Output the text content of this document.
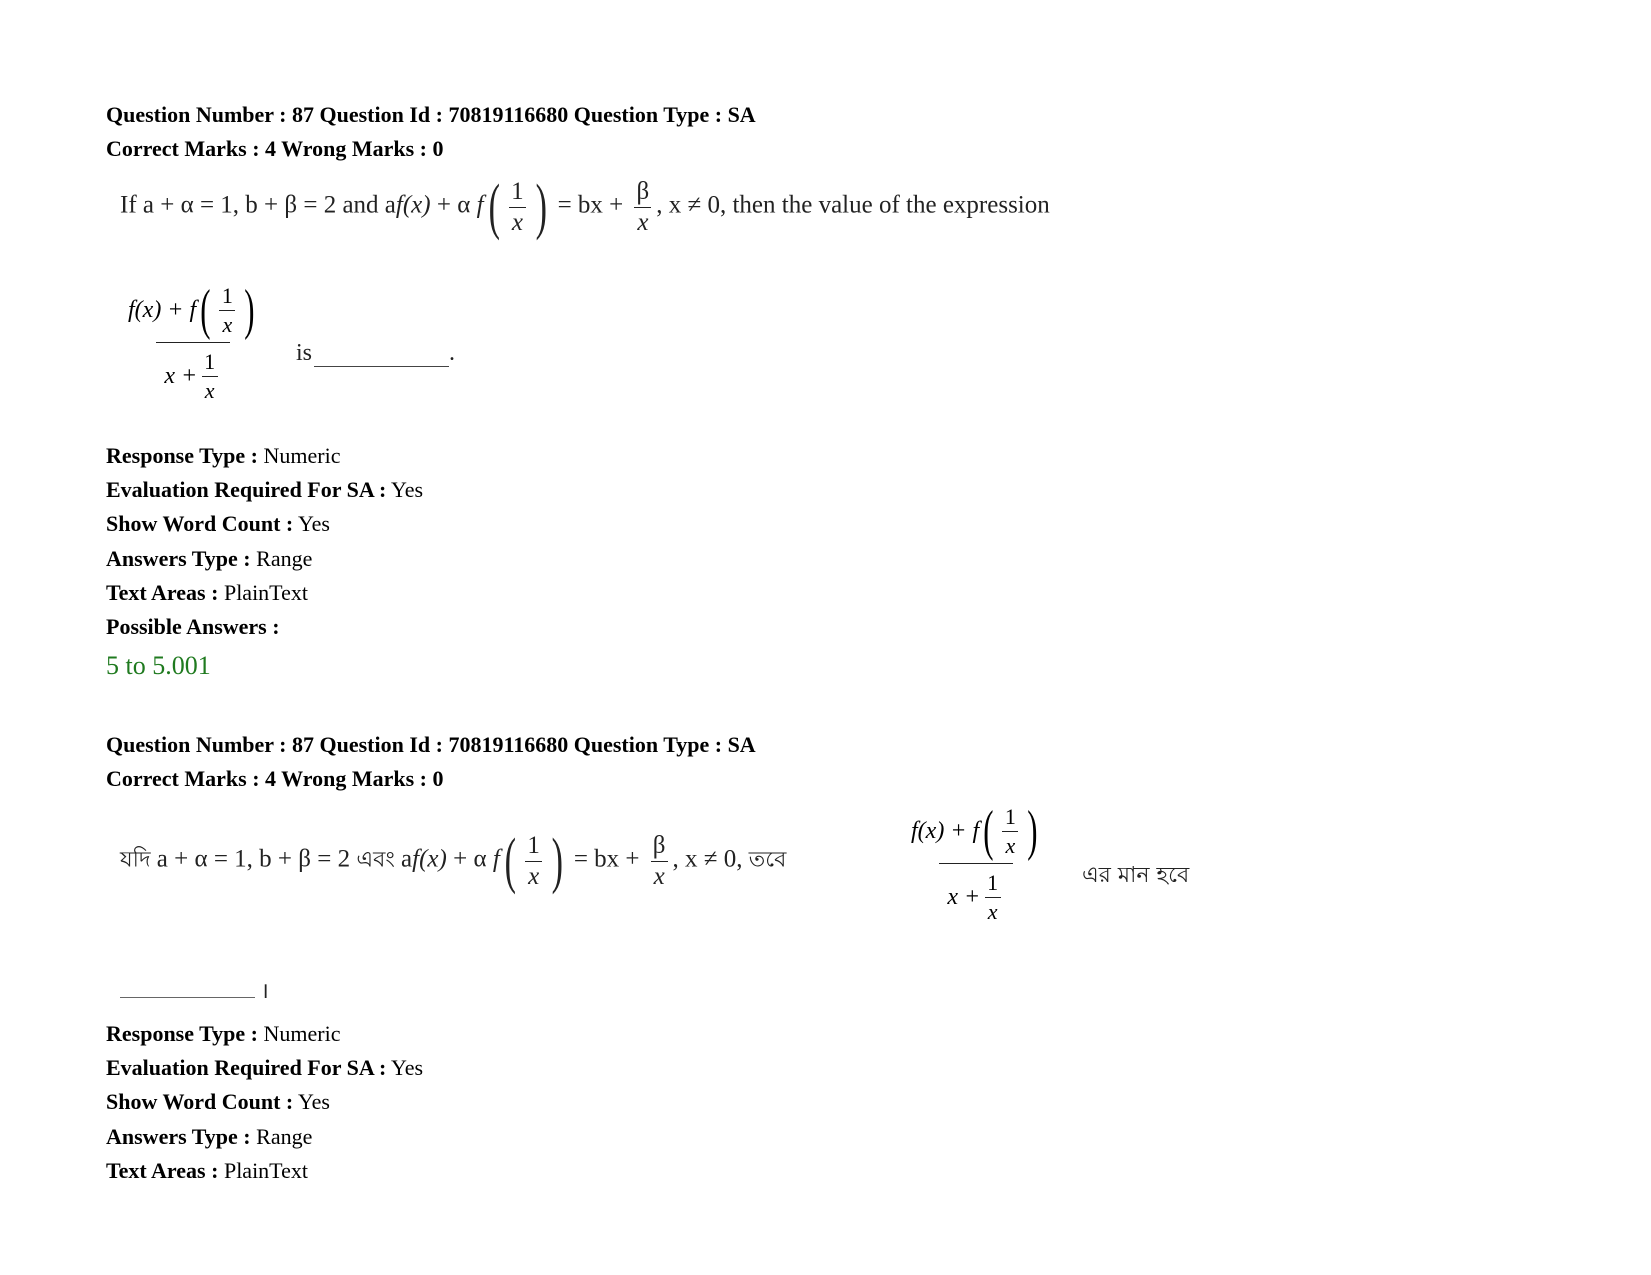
Question Number : 87 Question Id : 70819116680 Question Type : SA
Correct Marks : 4 Wrong Marks : 0
If a + α = 1, b + β = 2 and af(x) + α f ( $\frac{1}{x}$ ) = bx + $\frac{\beta}{x}$ , x ≠ 0, then the value of the expression
f(x) + f ( $\frac{1}{x}$ )
$x + \frac{1}{x}$	is	.
Response Type : Numeric
Evaluation Required For SA : Yes
Show Word Count : Yes
Answers Type : Range
Text Areas : PlainText
Possible Answers :
5 to 5.001
Question Number : 87 Question Id : 70819116680 Question Type : SA
Correct Marks : 4 Wrong Marks : 0
যদি a + α = 1, b + β = 2 এবং af(x) + α f ( $\frac{1}{x}$ ) = bx + $\frac{\beta}{x}$ , x ≠ 0, তবে
f(x) + f ( $\frac{1}{x}$ )
$x + \frac{1}{x}$	এর মান হবে
।
Response Type : Numeric
Evaluation Required For SA : Yes
Show Word Count : Yes
Answers Type : Range
Text Areas : PlainText
